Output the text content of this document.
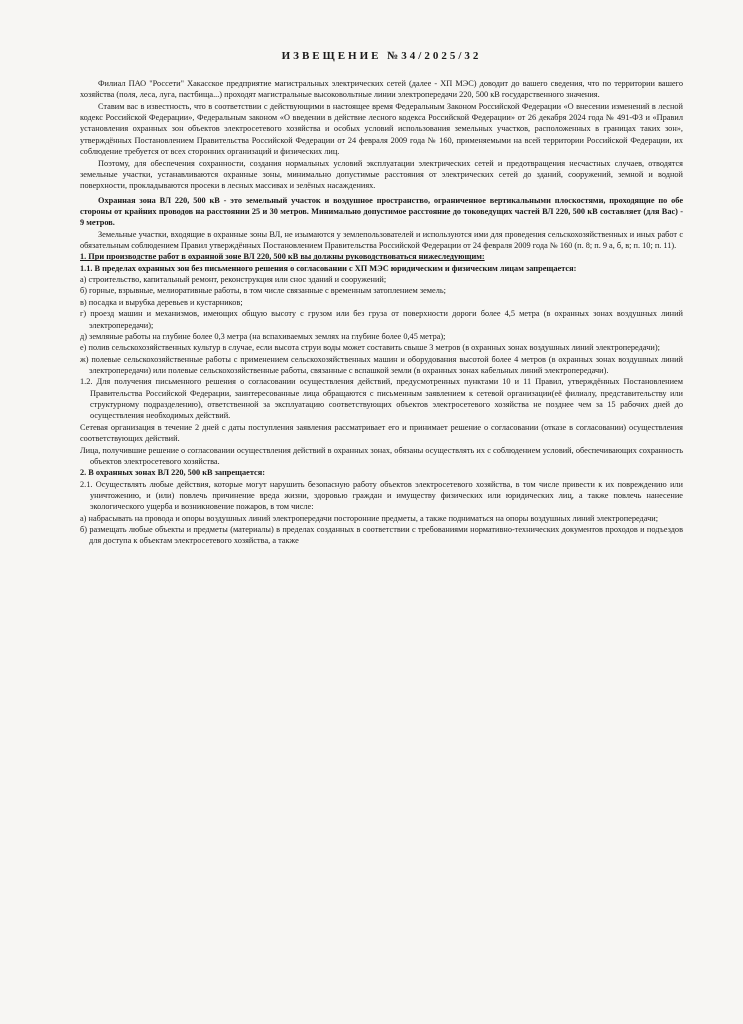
ИЗВЕЩЕНИЕ №34/2025/32

Филиал ПАО "Россети" Хакасское предприятие магистральных электрических сетей (далее - ХП МЭС) доводит до вашего сведения, что по территории вашего хозяйства (поля, леса, луга, пастбища...) проходят магистральные высоковольтные линии электропередачи 220, 500 кВ государственного значения.

Ставим вас в известность, что в соответствии с действующими в настоящее время Федеральным Законом Российской Федерации «О внесении изменений в лесной кодекс Российской Федерации», Федеральным законом «О введении в действие лесного кодекса Российской Федерации» от 26 декабря 2024 года № 491-ФЗ и «Правил установления охранных зон объектов электросетевого хозяйства и особых условий использования земельных участков, расположенных в границах таких зон», утверждённых Постановлением Правительства Российской Федерации от 24 февраля 2009 года № 160, применяемыми на всей территории Российской Федерации, их соблюдение требуется от всех сторонних организаций и физических лиц.

Поэтому, для обеспечения сохранности, создания нормальных условий эксплуатации электрических сетей и предотвращения несчастных случаев, отводятся земельные участки, устанавливаются охранные зоны, минимально допустимые расстояния от электрических сетей до зданий, сооружений, земной и водной поверхности, прокладываются просеки в лесных массивах и зелёных насаждениях.

Охранная зона ВЛ 220, 500 кВ - это земельный участок и воздушное пространство, ограниченное вертикальными плоскостями, проходящие по обе стороны от крайних проводов на расстоянии 25 и 30 метров. Минимально допустимое расстояние до токоведущих частей ВЛ 220, 500 кВ составляет (для Вас) - 9 метров.

Земельные участки, входящие в охранные зоны ВЛ, не изымаются у землепользователей и используются ими для проведения сельскохозяйственных и иных работ с обязательным соблюдением Правил утверждённых Постановлением Правительства Российской Федерации от 24 февраля 2009 года № 160 (п. 8; п. 9 а, б, в; п. 10; п. 11).

1. При производстве работ в охранной зоне ВЛ 220, 500 кВ вы должны руководствоваться нижеследующим:

1.1. В пределах охранных зон без письменного решения о согласовании с ХП МЭС юридическим и физическим лицам запрещается:

а) строительство, капитальный ремонт, реконструкция или снос зданий и сооружений;

б) горные, взрывные, мелиоративные работы, в том числе связанные с временным затоплением земель;

в) посадка и вырубка деревьев и кустарников;

г) проезд машин и механизмов, имеющих общую высоту с грузом или без груза от поверхности дороги более 4,5 метра (в охранных зонах воздушных линий электропередачи);

д) земляные работы на глубине более 0,3 метра (на вспахиваемых землях на глубине более 0,45 метра);

е) полив сельскохозяйственных культур в случае, если высота струи воды может составить свыше 3 метров (в охранных зонах воздушных линий электропередачи);

ж) полевые сельскохозяйственные работы с применением сельскохозяйственных машин и оборудования высотой более 4 метров (в охранных зонах воздушных линий электропередачи) или полевые сельскохозяйственные работы, связанные с вспашкой земли (в охранных зонах кабельных линий электропередачи).

1.2. Для получения письменного решения о согласовании осуществления действий, предусмотренных пунктами 10 и 11 Правил, утверждённых Постановлением Правительства Российской Федерации, заинтересованные лица обращаются с письменным заявлением к сетевой организации(её филиалу, представительству или структурному подразделению), ответственной за эксплуатацию соответствующих объектов электросетевого хозяйства не позднее чем за 15 рабочих дней до осуществления необходимых действий.

Сетевая организация в течение 2 дней с даты поступления заявления рассматривает его и принимает решение о согласовании (отказе в согласовании) осуществления соответствующих действий.

Лица, получившие решение о согласовании осуществления действий в охранных зонах, обязаны осуществлять их с соблюдением условий, обеспечивающих сохранность объектов электросетевого хозяйства.

2. В охранных зонах ВЛ 220, 500 кВ запрещается:

2.1. Осуществлять любые действия, которые могут нарушить безопасную работу объектов электросетевого хозяйства, в том числе привести к их повреждению или уничтожению, и (или) повлечь причинение вреда жизни, здоровью граждан и имуществу физических или юридических лиц, а также повлечь нанесение экологического ущерба и возникновение пожаров, в том числе:

а) набрасывать на провода и опоры воздушных линий электропередачи посторонние предметы, а также подниматься на опоры воздушных линий электропередачи;

б) размещать любые объекты и предметы (материалы) в пределах созданных в соответствии с требованиями нормативно-технических документов проходов и подъездов для доступа к объектам электросетевого хозяйства, а также
